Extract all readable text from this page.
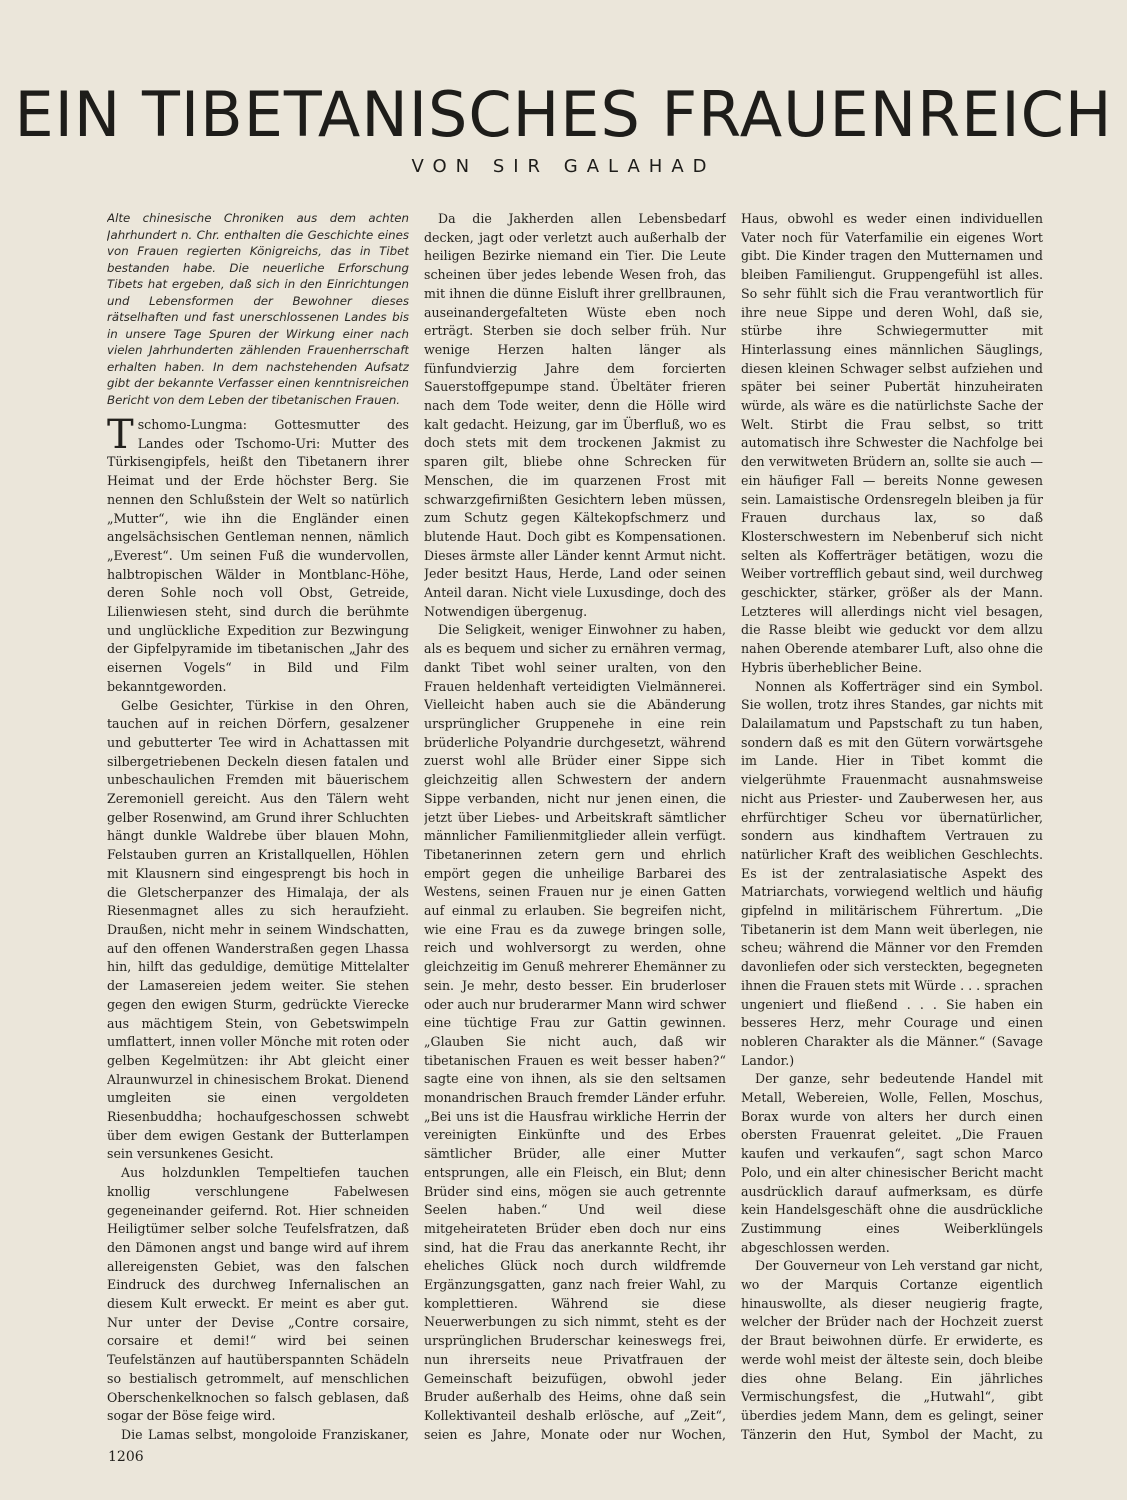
EIN TIBETANISCHES FRAUENREICH
VON SIR GALAHAD

Alte chinesische Chroniken aus dem achten Jahrhundert n. Chr. enthalten die Geschichte eines von Frauen regierten Königreichs, das in Tibet bestanden habe. Die neuerliche Erforschung Tibets hat ergeben, daß sich in den Einrichtungen und Lebensformen der Bewohner dieses rätselhaften und fast unerschlossenen Landes bis in unsere Tage Spuren der Wirkung einer nach vielen Jahrhunderten zählenden Frauenherrschaft erhalten haben. In dem nachstehenden Aufsatz gibt der bekannte Verfasser einen kenntnisreichen Bericht von dem Leben der tibetanischen Frauen.

Tschomo-Lungma: Gottesmutter des Landes oder Tschomo-Uri: Mutter des Türkisengipfels, heißt den Tibetanern ihrer Heimat und der Erde höchster Berg. Sie nennen den Schlußstein der Welt so natürlich „Mutter“, wie ihn die Engländer einen angelsächsischen Gentleman nennen, nämlich „Everest“. Um seinen Fuß die wundervollen, halbtropischen Wälder in Montblanc-Höhe, deren Sohle noch voll Obst, Getreide, Lilienwiesen steht, sind durch die berühmte und unglückliche Expedition zur Bezwingung der Gipfelpyramide im tibetanischen „Jahr des eisernen Vogels“ in Bild und Film bekanntgeworden.

Gelbe Gesichter, Türkise in den Ohren, tauchen auf in reichen Dörfern, gesalzener und gebutterter Tee wird in Achattassen mit silbergetriebenen Deckeln diesen fatalen und unbeschaulichen Fremden mit bäuerischem Zeremoniell gereicht. Aus den Tälern weht gelber Rosenwind, am Grund ihrer Schluchten hängt dunkle Waldrebe über blauen Mohn, Felstauben gurren an Kristallquellen, Höhlen mit Klausnern sind eingesprengt bis hoch in die Gletscherpanzer des Himalaja, der als Riesenmagnet alles zu sich heraufzieht. Draußen, nicht mehr in seinem Windschatten, auf den offenen Wanderstraßen gegen Lhassa hin, hilft das geduldige, demütige Mittelalter der Lamasereien jedem weiter. Sie stehen gegen den ewigen Sturm, gedrückte Vierecke aus mächtigem Stein, von Gebetswimpeln umflattert, innen voller Mönche mit roten oder gelben Kegelmützen: ihr Abt gleicht einer Alraunwurzel in chinesischem Brokat. Dienend umgleiten sie einen vergoldeten Riesenbuddha; hochaufgeschossen schwebt über dem ewigen Gestank der Butterlampen sein versunkenes Gesicht.

Aus holzdunklen Tempeltiefen tauchen knollig verschlungene Fabelwesen gegeneinander geifernd. Rot. Hier schneiden Heiligtümer selber solche Teufelsfratzen, daß den Dämonen angst und bange wird auf ihrem allereigensten Gebiet, was den falschen Eindruck des durchweg Infernalischen an diesem Kult erweckt. Er meint es aber gut. Nur unter der Devise „Contre corsaire, corsaire et demi!“ wird bei seinen Teufelstänzen auf hautüberspannten Schädeln so bestialisch getrommelt, auf menschlichen Oberschenkelknochen so falsch geblasen, daß sogar der Böse feige wird.

Die Lamas selbst, mongoloide Franziskaner,

Da die Jakherden allen Lebensbedarf decken, jagt oder verletzt auch außerhalb der heiligen Bezirke niemand ein Tier. Die Leute scheinen über jedes lebende Wesen froh, das mit ihnen die dünne Eisluft ihrer grellbraunen, auseinandergefalteten Wüste eben noch erträgt. Sterben sie doch selber früh. Nur wenige Herzen halten länger als fünfundvierzig Jahre dem forcierten Sauerstoffgepumpe stand. Übeltäter frieren nach dem Tode weiter, denn die Hölle wird kalt gedacht. Heizung, gar im Überfluß, wo es doch stets mit dem trockenen Jakmist zu sparen gilt, bliebe ohne Schrecken für Menschen, die im quarzenen Frost mit schwarzgefirnißten Gesichtern leben müssen, zum Schutz gegen Kältekopfschmerz und blutende Haut. Doch gibt es Kompensationen. Dieses ärmste aller Länder kennt Armut nicht. Jeder besitzt Haus, Herde, Land oder seinen Anteil daran. Nicht viele Luxusdinge, doch des Notwendigen übergenug.

Die Seligkeit, weniger Einwohner zu haben, als es bequem und sicher zu ernähren vermag, dankt Tibet wohl seiner uralten, von den Frauen heldenhaft verteidigten Vielmännerei. Vielleicht haben auch sie die Abänderung ursprünglicher Gruppenehe in eine rein brüderliche Polyandrie durchgesetzt, während zuerst wohl alle Brüder einer Sippe sich gleichzeitig allen Schwestern der andern Sippe verbanden, nicht nur jenen einen, die jetzt über Liebes- und Arbeitskraft sämtlicher männlicher Familienmitglieder allein verfügt. Tibetanerinnen zetern gern und ehrlich empört gegen die unheilige Barbarei des Westens, seinen Frauen nur je einen Gatten auf einmal zu erlauben. Sie begreifen nicht, wie eine Frau es da zuwege bringen solle, reich und wohlversorgt zu werden, ohne gleichzeitig im Genuß mehrerer Ehemänner zu sein. Je mehr, desto besser. Ein bruderloser oder auch nur bruderarmer Mann wird schwer eine tüchtige Frau zur Gattin gewinnen. „Glauben Sie nicht auch, daß wir tibetanischen Frauen es weit besser haben?“ sagte eine von ihnen, als sie den seltsamen monandrischen Brauch fremder Länder erfuhr. „Bei uns ist die Hausfrau wirkliche Herrin der vereinigten Einkünfte und des Erbes sämtlicher Brüder, alle einer Mutter entsprungen, alle ein Fleisch, ein Blut; denn Brüder sind eins, mögen sie auch getrennte Seelen haben.“ Und weil diese mitgeheirateten Brüder eben doch nur eins sind, hat die Frau das anerkannte Recht, ihr eheliches Glück noch durch wildfremde Ergänzungsgatten, ganz nach freier Wahl, zu komplettieren. Während sie diese Neuerwerbungen zu sich nimmt, steht es der ursprünglichen Bruderschar keineswegs frei, nun ihrerseits neue Privatfrauen der Gemeinschaft beizufügen, obwohl jeder Bruder außerhalb des Heims, ohne daß sein Kollektivanteil deshalb erlösche, auf „Zeit“, seien es Jahre, Monate oder nur Wochen,

Haus, obwohl es weder einen individuellen Vater noch für Vaterfamilie ein eigenes Wort gibt. Die Kinder tragen den Mutternamen und bleiben Familiengut. Gruppengefühl ist alles. So sehr fühlt sich die Frau verantwortlich für ihre neue Sippe und deren Wohl, daß sie, stürbe ihre Schwiegermutter mit Hinterlassung eines männlichen Säuglings, diesen kleinen Schwager selbst aufziehen und später bei seiner Pubertät hinzuheiraten würde, als wäre es die natürlichste Sache der Welt. Stirbt die Frau selbst, so tritt automatisch ihre Schwester die Nachfolge bei den verwitweten Brüdern an, sollte sie auch — ein häufiger Fall — bereits Nonne gewesen sein. Lamaistische Ordensregeln bleiben ja für Frauen durchaus lax, so daß Klosterschwestern im Nebenberuf sich nicht selten als Kofferträger betätigen, wozu die Weiber vortrefflich gebaut sind, weil durchweg geschickter, stärker, größer als der Mann. Letzteres will allerdings nicht viel besagen, die Rasse bleibt wie geduckt vor dem allzu nahen Oberende atembarer Luft, also ohne die Hybris überheblicher Beine.

Nonnen als Kofferträger sind ein Symbol. Sie wollen, trotz ihres Standes, gar nichts mit Dalailamatum und Papstschaft zu tun haben, sondern daß es mit den Gütern vorwärtsgehe im Lande. Hier in Tibet kommt die vielgerühmte Frauenmacht ausnahmsweise nicht aus Priester- und Zauberwesen her, aus ehrfürchtiger Scheu vor übernatürlicher, sondern aus kindhaftem Vertrauen zu natürlicher Kraft des weiblichen Geschlechts. Es ist der zentralasiatische Aspekt des Matriarchats, vorwiegend weltlich und häufig gipfelnd in militärischem Führertum. „Die Tibetanerin ist dem Mann weit überlegen, nie scheu; während die Männer vor den Fremden davonliefen oder sich versteckten, begegneten ihnen die Frauen stets mit Würde . . . sprachen ungeniert und fließend . . . Sie haben ein besseres Herz, mehr Courage und einen nobleren Charakter als die Männer.“ (Savage Landor.)

Der ganze, sehr bedeutende Handel mit Metall, Webereien, Wolle, Fellen, Moschus, Borax wurde von alters her durch einen obersten Frauenrat geleitet. „Die Frauen kaufen und verkaufen“, sagt schon Marco Polo, und ein alter chinesischer Bericht macht ausdrücklich darauf aufmerksam, es dürfe kein Handelsgeschäft ohne die ausdrückliche Zustimmung eines Weiberklüngels abgeschlossen werden.

Der Gouverneur von Leh verstand gar nicht, wo der Marquis Cortanze eigentlich hinauswollte, als dieser neugierig fragte, welcher der Brüder nach der Hochzeit zuerst der Braut beiwohnen dürfe. Er erwiderte, es werde wohl meist der älteste sein, doch bleibe dies ohne Belang. Ein jährliches Vermischungsfest, die „Hutwahl“, gibt überdies jedem Mann, dem es gelingt, seiner Tänzerin den Hut, Symbol der Macht, zu

1206
